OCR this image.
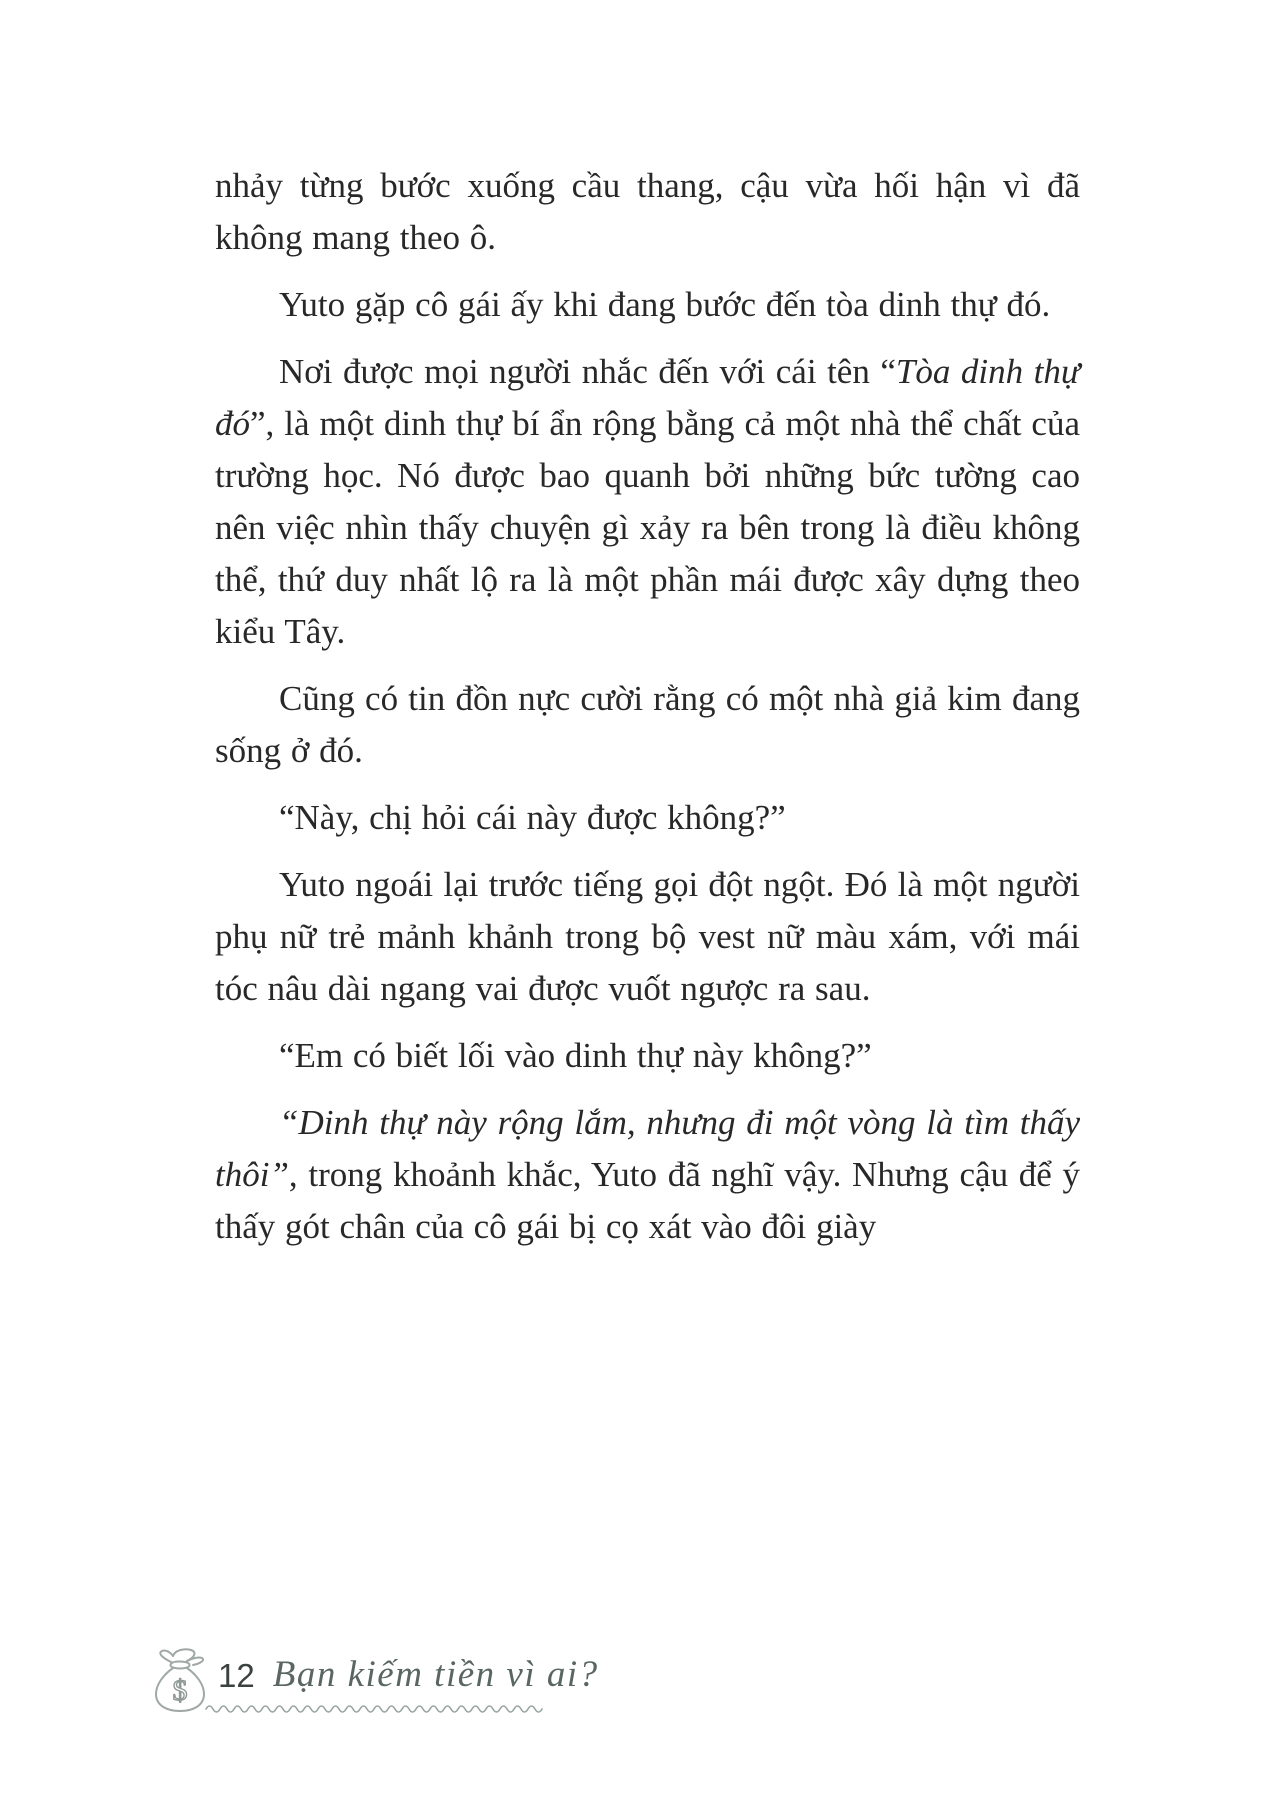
nhảy từng bước xuống cầu thang, cậu vừa hối hận vì đã không mang theo ô.

Yuto gặp cô gái ấy khi đang bước đến tòa dinh thự đó.

Nơi được mọi người nhắc đến với cái tên “Tòa dinh thự đó”, là một dinh thự bí ẩn rộng bằng cả một nhà thể chất của trường học. Nó được bao quanh bởi những bức tường cao nên việc nhìn thấy chuyện gì xảy ra bên trong là điều không thể, thứ duy nhất lộ ra là một phần mái được xây dựng theo kiểu Tây.

Cũng có tin đồn nực cười rằng có một nhà giả kim đang sống ở đó.

“Này, chị hỏi cái này được không?”

Yuto ngoái lại trước tiếng gọi đột ngột. Đó là một người phụ nữ trẻ mảnh khảnh trong bộ vest nữ màu xám, với mái tóc nâu dài ngang vai được vuốt ngược ra sau.

“Em có biết lối vào dinh thự này không?”

“Dinh thự này rộng lắm, nhưng đi một vòng là tìm thấy thôi”, trong khoảnh khắc, Yuto đã nghĩ vậy. Nhưng cậu để ý thấy gót chân của cô gái bị cọ xát vào đôi giày

$ 12 Bạn kiếm tiền vì ai?
